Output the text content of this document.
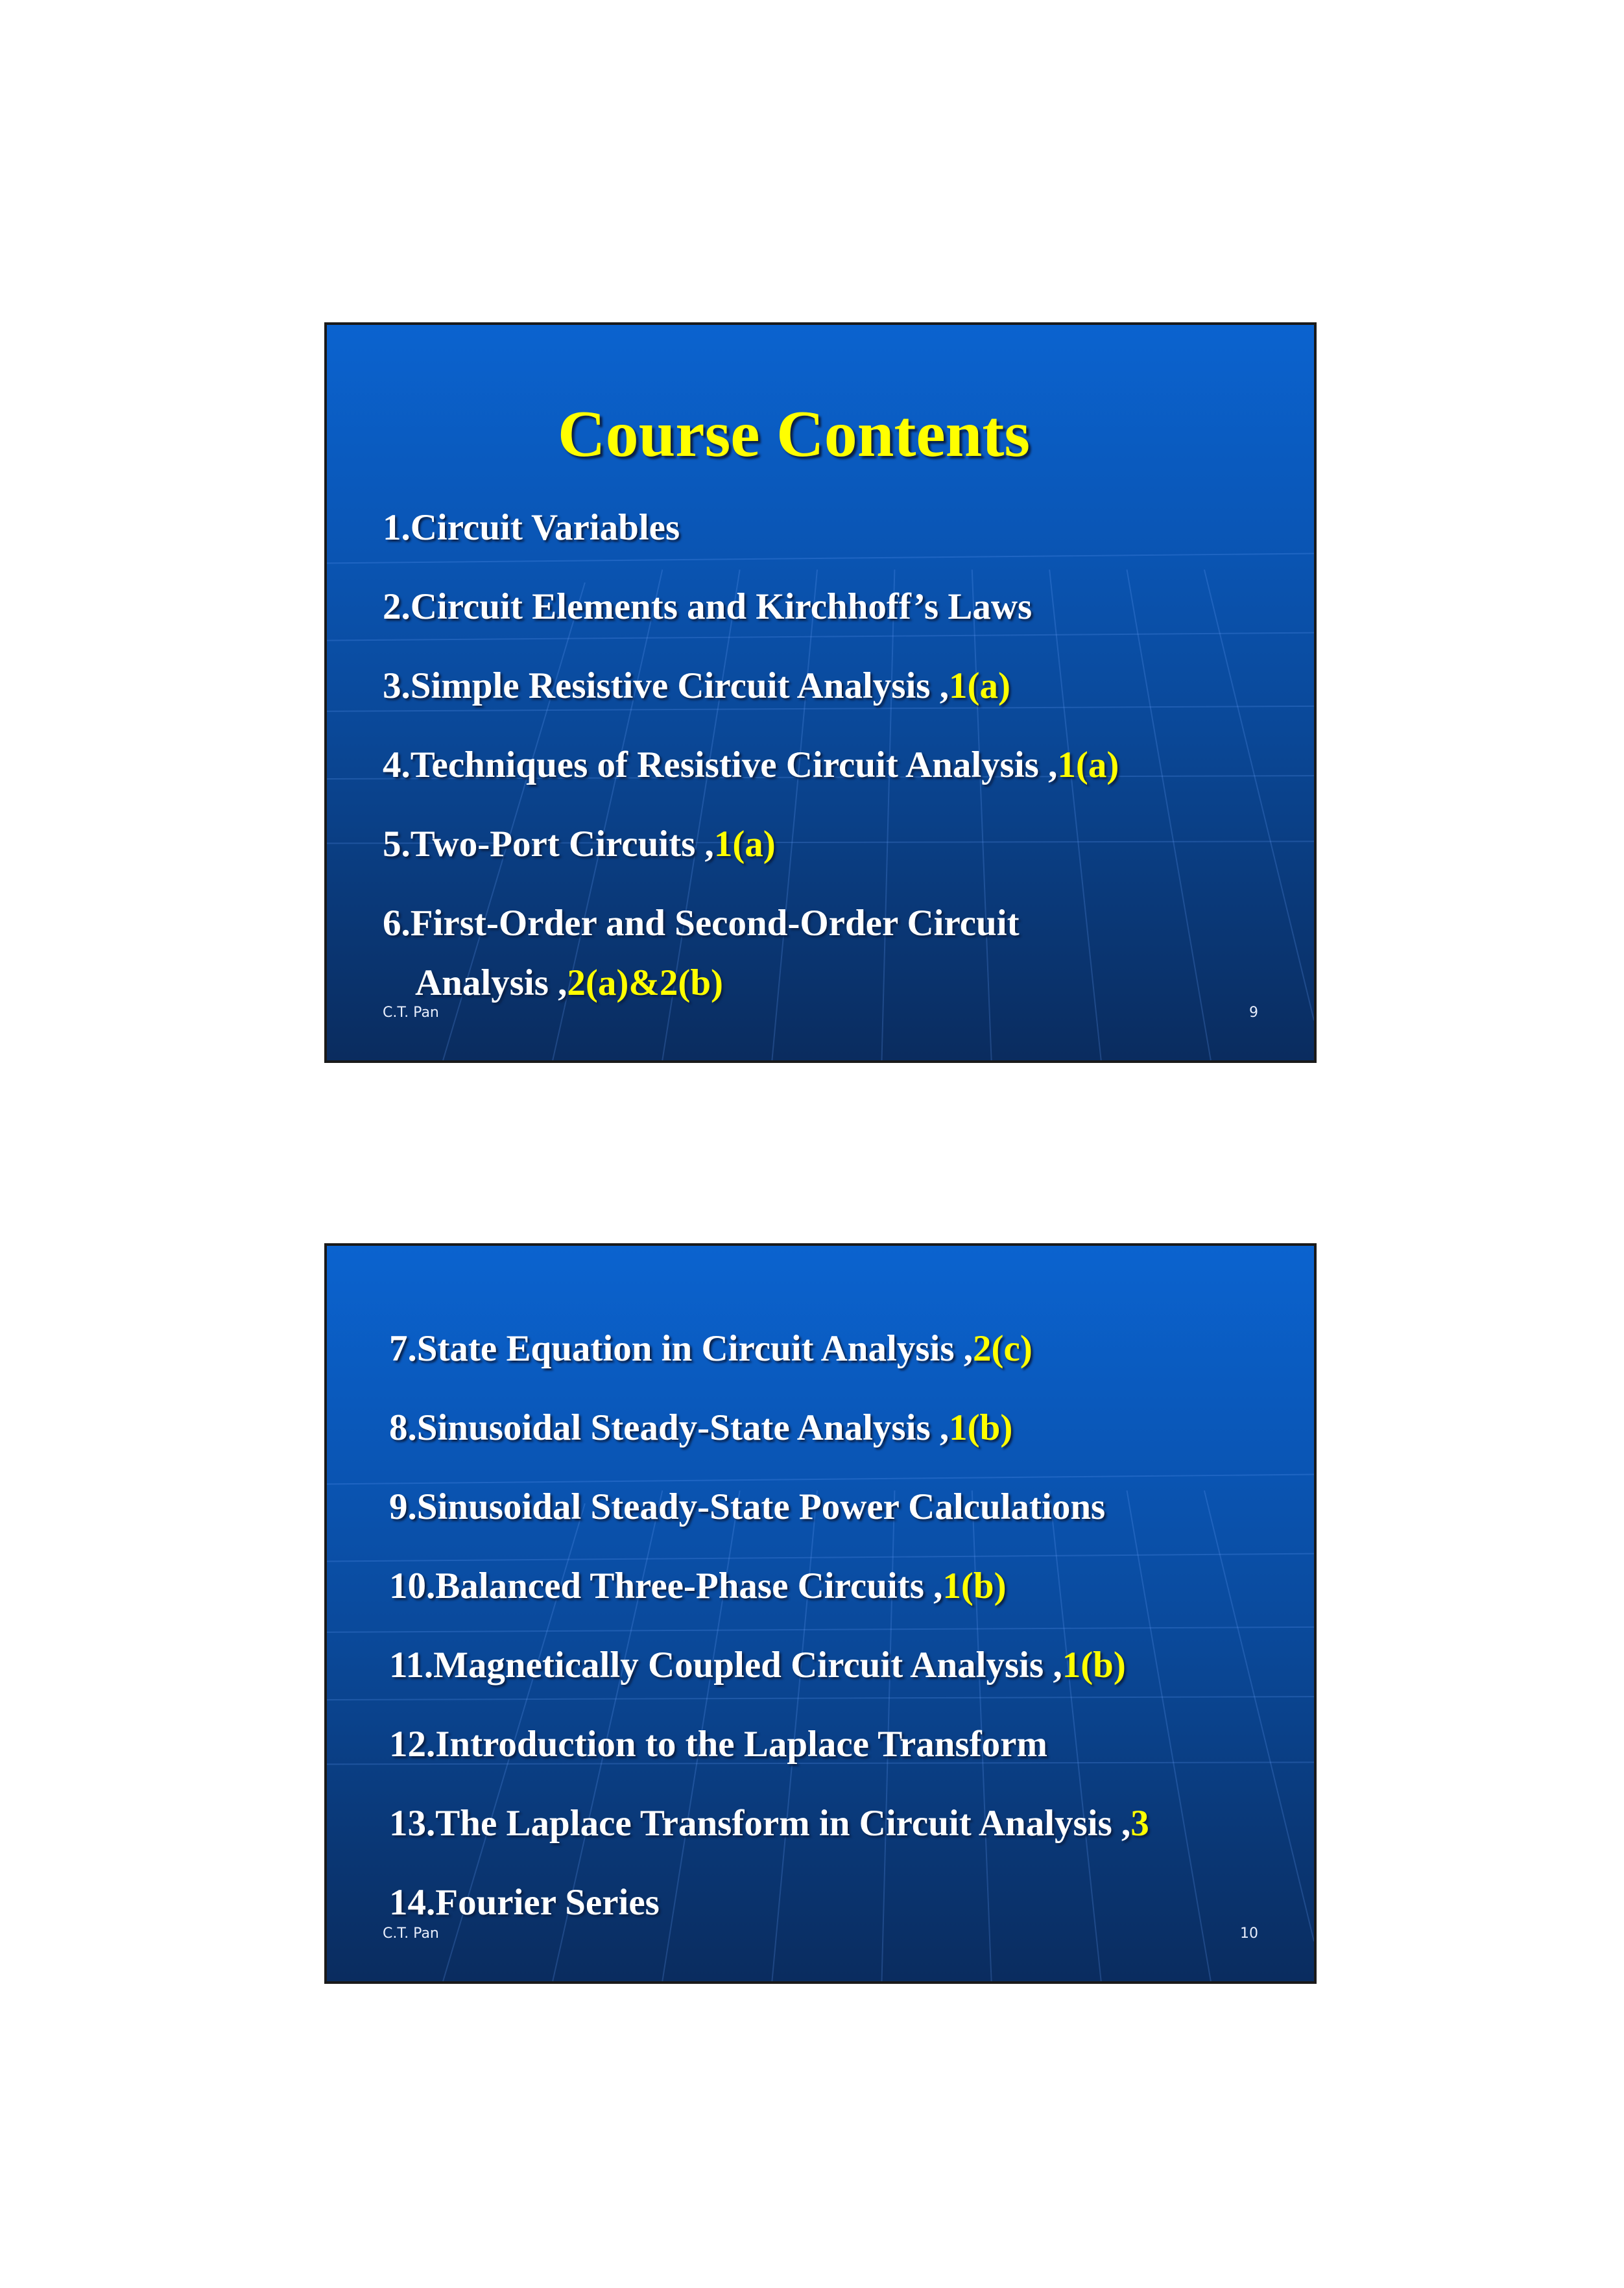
Course Contents
1.Circuit Variables
2.Circuit Elements and Kirchhoff’s Laws
3.Simple Resistive Circuit Analysis ,1(a)
4.Techniques of Resistive Circuit Analysis ,1(a)
5.Two-Port Circuits ,1(a)
6.First-Order and Second-Order Circuit
Analysis ,2(a)&2(b)
C.T. Pan	9
7.State Equation in Circuit Analysis ,2(c)
8.Sinusoidal Steady-State Analysis ,1(b)
9.Sinusoidal Steady-State Power Calculations
10.Balanced Three-Phase Circuits ,1(b)
11.Magnetically Coupled Circuit Analysis ,1(b)
12.Introduction to the Laplace Transform
13.The Laplace Transform in Circuit Analysis ,3
14.Fourier Series
C.T. Pan	10
